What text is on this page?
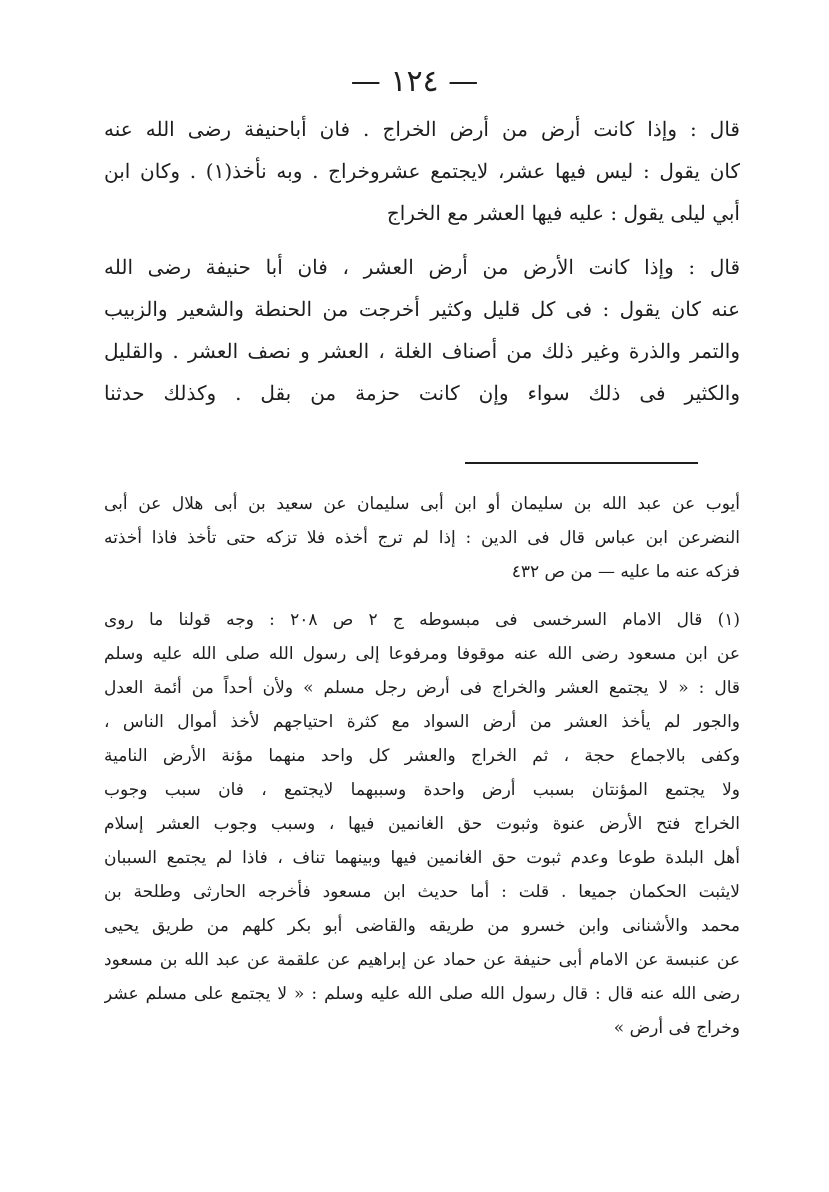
— ١٢٤ —
قال : وإذا كانت أرض من أرض الخراج . فان أباحنيفة رضى الله عنه
كان يقول : ليس فيها عشر، لايجتمع عشروخراج . وبه نأخذ(١) . وكان ابن
أبي ليلى يقول : عليه فيها العشر مع الخراج
قال : وإذا كانت الأرض من أرض العشر ، فان أبا حنيفة رضى الله
عنه كان يقول : فى كل قليل وكثير أخرجت من الحنطة والشعير والزبيب
والتمر والذرة وغير ذلك من أصناف الغلة ، العشر و نصف العشر . والقليل
والكثير فى ذلك سواء وإن كانت حزمة من بقل . وكذلك حدثنا
أيوب عن عبد الله بن سليمان أو ابن أبى سليمان عن سعيد بن أبى هلال عن أبى
النضرعن ابن عباس قال فى الدين : إذا لم ترج أخذه فلا تزكه حتى تأخذ فاذا أخذته
فزكه عنه ما عليه — من ص ٤٣٢
(١) قال الامام السرخسى فى مبسوطه ج ٢ ص ٢٠٨ : وجه قولنا ما روى
عن ابن مسعود رضى الله عنه موقوفا ومرفوعا إلى رسول الله صلى الله عليه وسلم
قال : « لا يجتمع العشر والخراج فى أرض رجل مسلم » ولأن أحداً من أئمة العدل
والجور لم يأخذ العشر من أرض السواد مع كثرة احتياجهم لأخذ أموال الناس ،
وكفى بالاجماع حجة ، ثم الخراج والعشر كل واحد منهما مؤنة الأرض النامية
ولا يجتمع المؤنتان بسبب أرض واحدة وسببهما لايجتمع ، فان سبب وجوب
الخراج فتح الأرض عنوة وثبوت حق الغانمين فيها ، وسبب وجوب العشر إسلام
أهل البلدة طوعا وعدم ثبوت حق الغانمين فيها وبينهما تناف ، فاذا لم يجتمع السببان
لايثبت الحكمان جميعا . قلت : أما حديث ابن مسعود فأخرجه الحارثى وطلحة بن
محمد والأشنانى وابن خسرو من طريقه والقاضى أبو بكر كلهم من طريق يحيى
عن عنبسة عن الامام أبى حنيفة عن حماد عن إبراهيم عن علقمة عن عبد الله بن مسعود
رضى الله عنه قال : قال رسول الله صلى الله عليه وسلم : « لا يجتمع على مسلم عشر
وخراج فى أرض »
